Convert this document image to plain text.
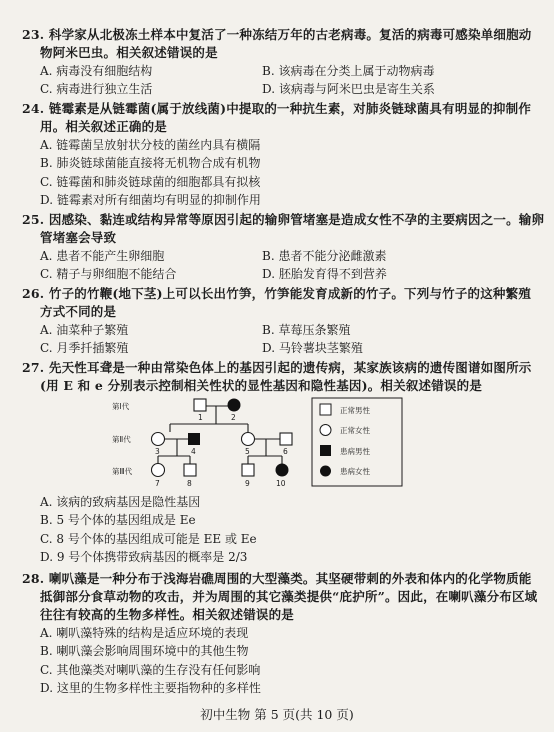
23. 科学家从北极冻土样本中复活了一种冻结万年的古老病毒。复活的病毒可感染单细胞动
物阿米巴虫。相关叙述错误的是
A. 病毒没有细胞结构	B. 该病毒在分类上属于动物病毒
C. 病毒进行独立生活	D. 该病毒与阿米巴虫是寄生关系
24. 链霉素是从链霉菌(属于放线菌)中提取的一种抗生素，对肺炎链球菌具有明显的抑制作
用。相关叙述正确的是
A. 链霉菌呈放射状分枝的菌丝内具有横隔
B. 肺炎链球菌能直接将无机物合成有机物
C. 链霉菌和肺炎链球菌的细胞都具有拟核
D. 链霉素对所有细菌均有明显的抑制作用
25. 因感染、黏连或结构异常等原因引起的输卵管堵塞是造成女性不孕的主要病因之一。输卵
管堵塞会导致
A. 患者不能产生卵细胞	B. 患者不能分泌雌激素
C. 精子与卵细胞不能结合	D. 胚胎发育得不到营养
26. 竹子的竹鞭(地下茎)上可以长出竹笋，竹笋能发育成新的竹子。下列与竹子的这种繁殖
方式不同的是
A. 油菜种子繁殖	B. 草莓压条繁殖
C. 月季扦插繁殖	D. 马铃薯块茎繁殖
27. 先天性耳聋是一种由常染色体上的基因引起的遗传病，某家族该病的遗传图谱如图所示
(用 E 和 e 分别表示控制相关性状的显性基因和隐性基因)。相关叙述错误的是
第Ⅰ代
第Ⅱ代
第Ⅲ代
1	2
3	4	5	6
7	8	9	10
正常男性
正常女性
患病男性
患病女性
A. 该病的致病基因是隐性基因
B. 5 号个体的基因组成是 Ee
C. 8 号个体的基因组成可能是 EE 或 Ee
D. 9 号个体携带致病基因的概率是 2/3
28. 喇叭藻是一种分布于浅海岩礁周围的大型藻类。其坚硬带刺的外表和体内的化学物质能
抵御部分食草动物的攻击，并为周围的其它藻类提供“庇护所”。因此，在喇叭藻分布区域
往往有较高的生物多样性。相关叙述错误的是
A. 喇叭藻特殊的结构是适应环境的表现
B. 喇叭藻会影响周围环境中的其他生物
C. 其他藻类对喇叭藻的生存没有任何影响
D. 这里的生物多样性主要指物种的多样性
初中生物 第 5 页(共 10 页)
